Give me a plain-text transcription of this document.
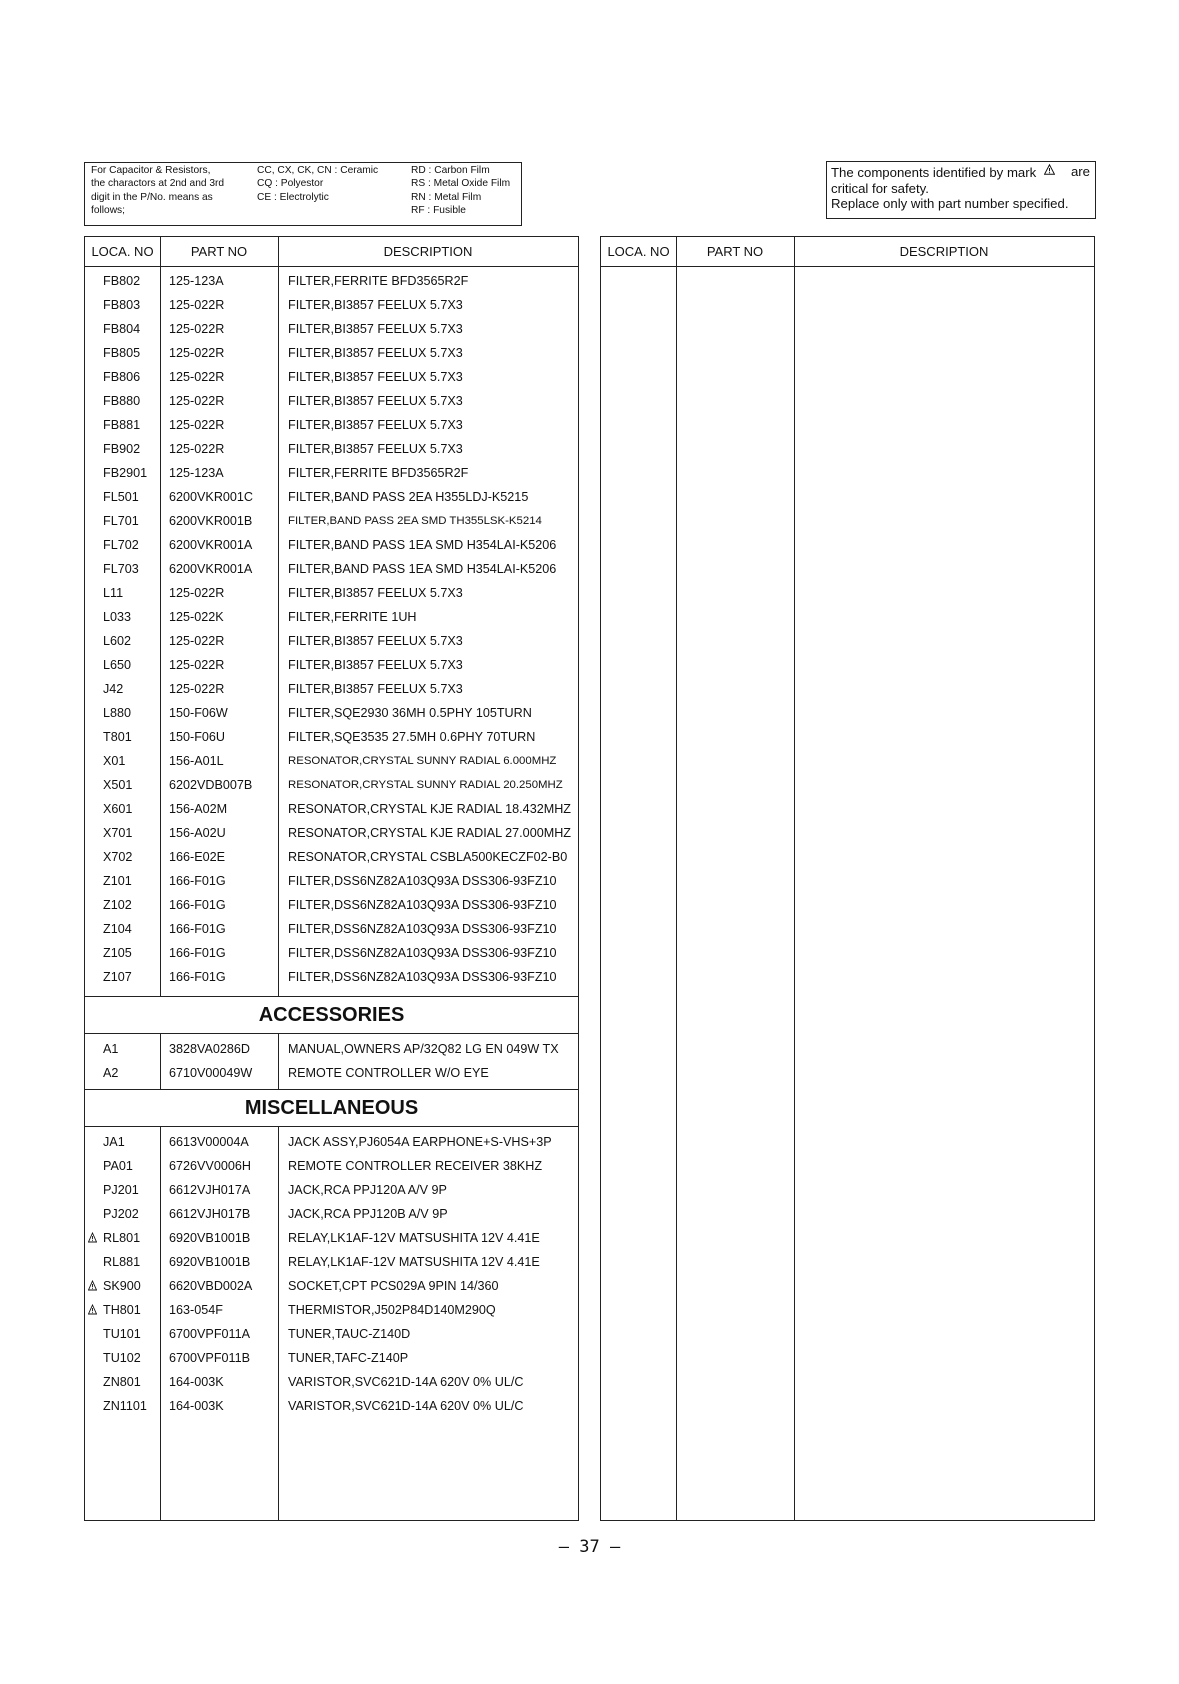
For Capacitor & Resistors,
the charactors at 2nd and 3rd
digit in the P/No. means as
follows;
CC, CX, CK, CN : Ceramic
CQ : Polyestor
CE : Electrolytic
RD : Carbon Film
RS : Metal Oxide Film
RN : Metal Film
RF : Fusible
The components identified by mark	are
critical for safety.
Replace only with part number specified.
LOCA. NO	PART NO	DESCRIPTION
FB802 125-123A	FILTER,FERRITE BFD3565R2F
FB803 125-022R	FILTER,BI3857 FEELUX 5.7X3
FB804 125-022R	FILTER,BI3857 FEELUX 5.7X3
FB805 125-022R	FILTER,BI3857 FEELUX 5.7X3
FB806 125-022R	FILTER,BI3857 FEELUX 5.7X3
FB880 125-022R	FILTER,BI3857 FEELUX 5.7X3
FB881 125-022R	FILTER,BI3857 FEELUX 5.7X3
FB902 125-022R	FILTER,BI3857 FEELUX 5.7X3
FB2901 125-123A	FILTER,FERRITE BFD3565R2F
FL501 6200VKR001C	FILTER,BAND PASS 2EA H355LDJ-K5215
FL701 6200VKR001B	FILTER,BAND PASS 2EA SMD TH355LSK-K5214
FL702 6200VKR001A	FILTER,BAND PASS 1EA SMD H354LAI-K5206
FL703 6200VKR001A	FILTER,BAND PASS 1EA SMD H354LAI-K5206
L11	125-022R	FILTER,BI3857 FEELUX 5.7X3
L033	125-022K	FILTER,FERRITE 1UH
L602	125-022R	FILTER,BI3857 FEELUX 5.7X3
L650	125-022R	FILTER,BI3857 FEELUX 5.7X3
J42	125-022R	FILTER,BI3857 FEELUX 5.7X3
L880	150-F06W	FILTER,SQE2930 36MH 0.5PHY 105TURN
T801	150-F06U	FILTER,SQE3535 27.5MH 0.6PHY 70TURN
X01	156-A01L	RESONATOR,CRYSTAL SUNNY RADIAL 6.000MHZ
X501	6202VDB007B	RESONATOR,CRYSTAL SUNNY RADIAL 20.250MHZ
X601	156-A02M	RESONATOR,CRYSTAL KJE RADIAL 18.432MHZ
X701	156-A02U	RESONATOR,CRYSTAL KJE RADIAL 27.000MHZ
X702	166-E02E	RESONATOR,CRYSTAL CSBLA500KECZF02-B0
Z101	166-F01G	FILTER,DSS6NZ82A103Q93A DSS306-93FZ10
Z102	166-F01G	FILTER,DSS6NZ82A103Q93A DSS306-93FZ10
Z104	166-F01G	FILTER,DSS6NZ82A103Q93A DSS306-93FZ10
Z105	166-F01G	FILTER,DSS6NZ82A103Q93A DSS306-93FZ10
Z107	166-F01G	FILTER,DSS6NZ82A103Q93A DSS306-93FZ10
ACCESSORIES
A1	3828VA0286D	MANUAL,OWNERS AP/32Q82 LG EN 049W TX
A2	6710V00049W	REMOTE CONTROLLER W/O EYE
MISCELLANEOUS
JA1	6613V00004A	JACK ASSY,PJ6054A EARPHONE+S-VHS+3P
PA01	6726VV0006H	REMOTE CONTROLLER RECEIVER 38KHZ
PJ201 6612VJH017A	JACK,RCA PPJ120A A/V 9P
PJ202 6612VJH017B	JACK,RCA PPJ120B A/V 9P
RL801 6920VB1001B	RELAY,LK1AF-12V MATSUSHITA 12V 4.41E
RL881 6920VB1001B	RELAY,LK1AF-12V MATSUSHITA 12V 4.41E
SK900 6620VBD002A	SOCKET,CPT PCS029A 9PIN 14/360
TH801 163-054F	THERMISTOR,J502P84D140M290Q
TU101 6700VPF011A	TUNER,TAUC-Z140D
TU102 6700VPF011B	TUNER,TAFC-Z140P
ZN801 164-003K	VARISTOR,SVC621D-14A 620V 0% UL/C
ZN1101 164-003K	VARISTOR,SVC621D-14A 620V 0% UL/C
LOCA. NO	PART NO	DESCRIPTION
– 37 –
